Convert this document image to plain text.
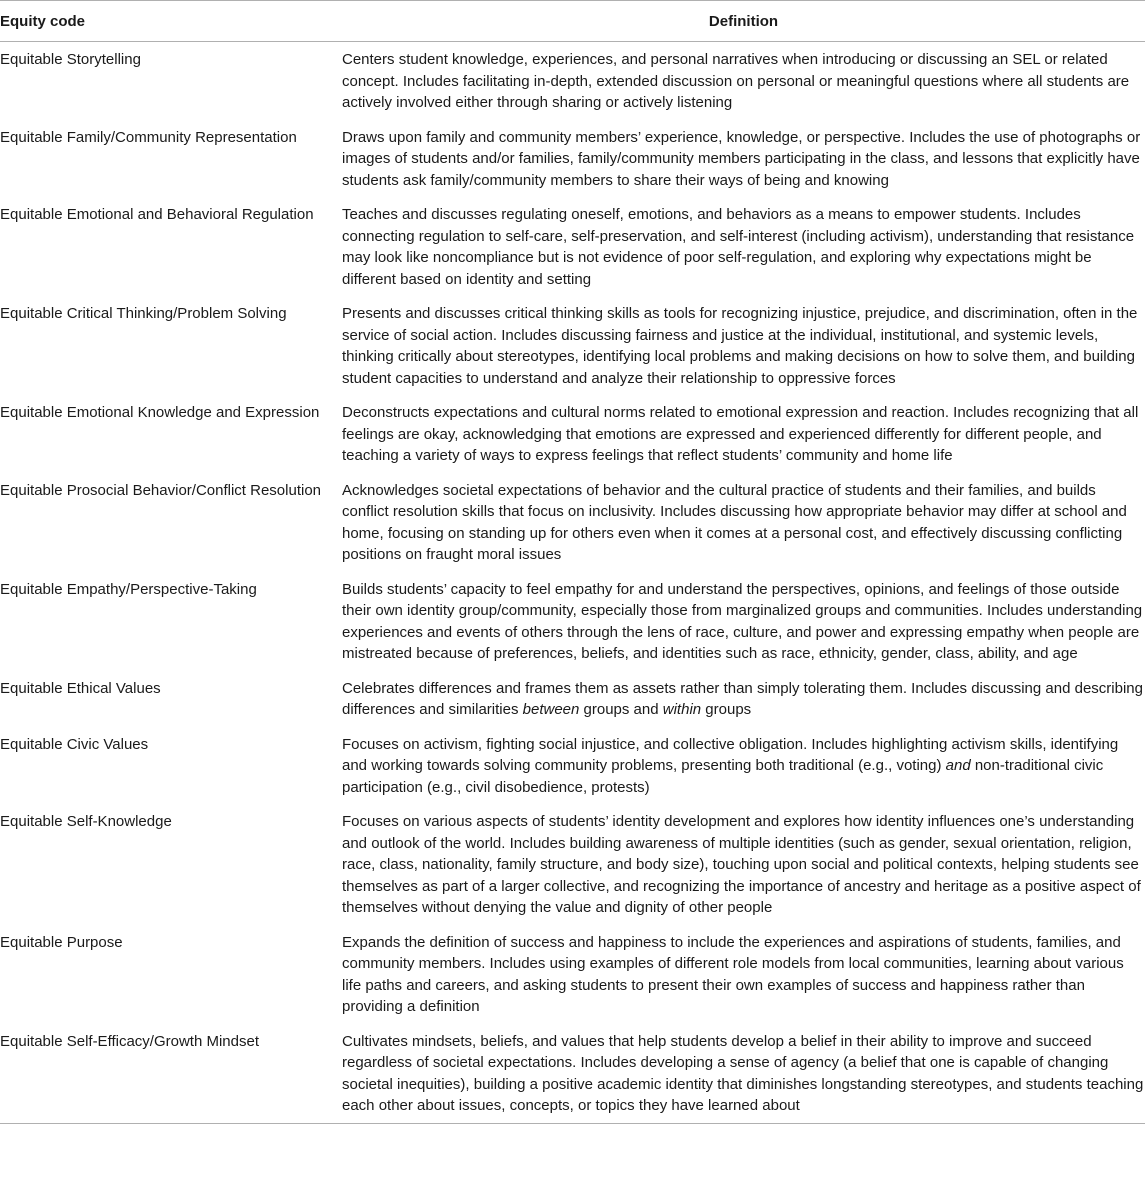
Equity code	Definition
Equitable Storytelling	Centers student knowledge, experiences, and personal narratives when introducing or discussing an SEL or related concept. Includes facilitating in-depth, extended discussion on personal or meaningful questions where all students are actively involved either through sharing or actively listening
Equitable Family/Community Representation	Draws upon family and community members’ experience, knowledge, or perspective. Includes the use of photographs or images of students and/or families, family/community members participating in the class, and lessons that explicitly have students ask family/community members to share their ways of being and knowing
Equitable Emotional and Behavioral Regulation	Teaches and discusses regulating oneself, emotions, and behaviors as a means to empower students. Includes connecting regulation to self-care, self-preservation, and self-interest (including activism), understanding that resistance may look like noncompliance but is not evidence of poor self-regulation, and exploring why expectations might be different based on identity and setting
Equitable Critical Thinking/Problem Solving	Presents and discusses critical thinking skills as tools for recognizing injustice, prejudice, and discrimination, often in the service of social action. Includes discussing fairness and justice at the individual, institutional, and systemic levels, thinking critically about stereotypes, identifying local problems and making decisions on how to solve them, and building student capacities to understand and analyze their relationship to oppressive forces
Equitable Emotional Knowledge and Expression	Deconstructs expectations and cultural norms related to emotional expression and reaction. Includes recognizing that all feelings are okay, acknowledging that emotions are expressed and experienced differently for different people, and teaching a variety of ways to express feelings that reflect students’ community and home life
Equitable Prosocial Behavior/Conflict Resolution	Acknowledges societal expectations of behavior and the cultural practice of students and their families, and builds conflict resolution skills that focus on inclusivity. Includes discussing how appropriate behavior may differ at school and home, focusing on standing up for others even when it comes at a personal cost, and effectively discussing conflicting positions on fraught moral issues
Equitable Empathy/Perspective-Taking	Builds students’ capacity to feel empathy for and understand the perspectives, opinions, and feelings of those outside their own identity group/community, especially those from marginalized groups and communities. Includes understanding experiences and events of others through the lens of race, culture, and power and expressing empathy when people are mistreated because of preferences, beliefs, and identities such as race, ethnicity, gender, class, ability, and age
Equitable Ethical Values	Celebrates differences and frames them as assets rather than simply tolerating them. Includes discussing and describing differences and similarities between groups and within groups
Equitable Civic Values	Focuses on activism, fighting social injustice, and collective obligation. Includes highlighting activism skills, identifying and working towards solving community problems, presenting both traditional (e.g., voting) and non-traditional civic participation (e.g., civil disobedience, protests)
Equitable Self-Knowledge	Focuses on various aspects of students’ identity development and explores how identity influences one’s understanding and outlook of the world. Includes building awareness of multiple identities (such as gender, sexual orientation, religion, race, class, nationality, family structure, and body size), touching upon social and political contexts, helping students see themselves as part of a larger collective, and recognizing the importance of ancestry and heritage as a positive aspect of themselves without denying the value and dignity of other people
Equitable Purpose	Expands the definition of success and happiness to include the experiences and aspirations of students, families, and community members. Includes using examples of different role models from local communities, learning about various life paths and careers, and asking students to present their own examples of success and happiness rather than providing a definition
Equitable Self-Efficacy/Growth Mindset	Cultivates mindsets, beliefs, and values that help students develop a belief in their ability to improve and succeed regardless of societal expectations. Includes developing a sense of agency (a belief that one is capable of changing societal inequities), building a positive academic identity that diminishes longstanding stereotypes, and students teaching each other about issues, concepts, or topics they have learned about
